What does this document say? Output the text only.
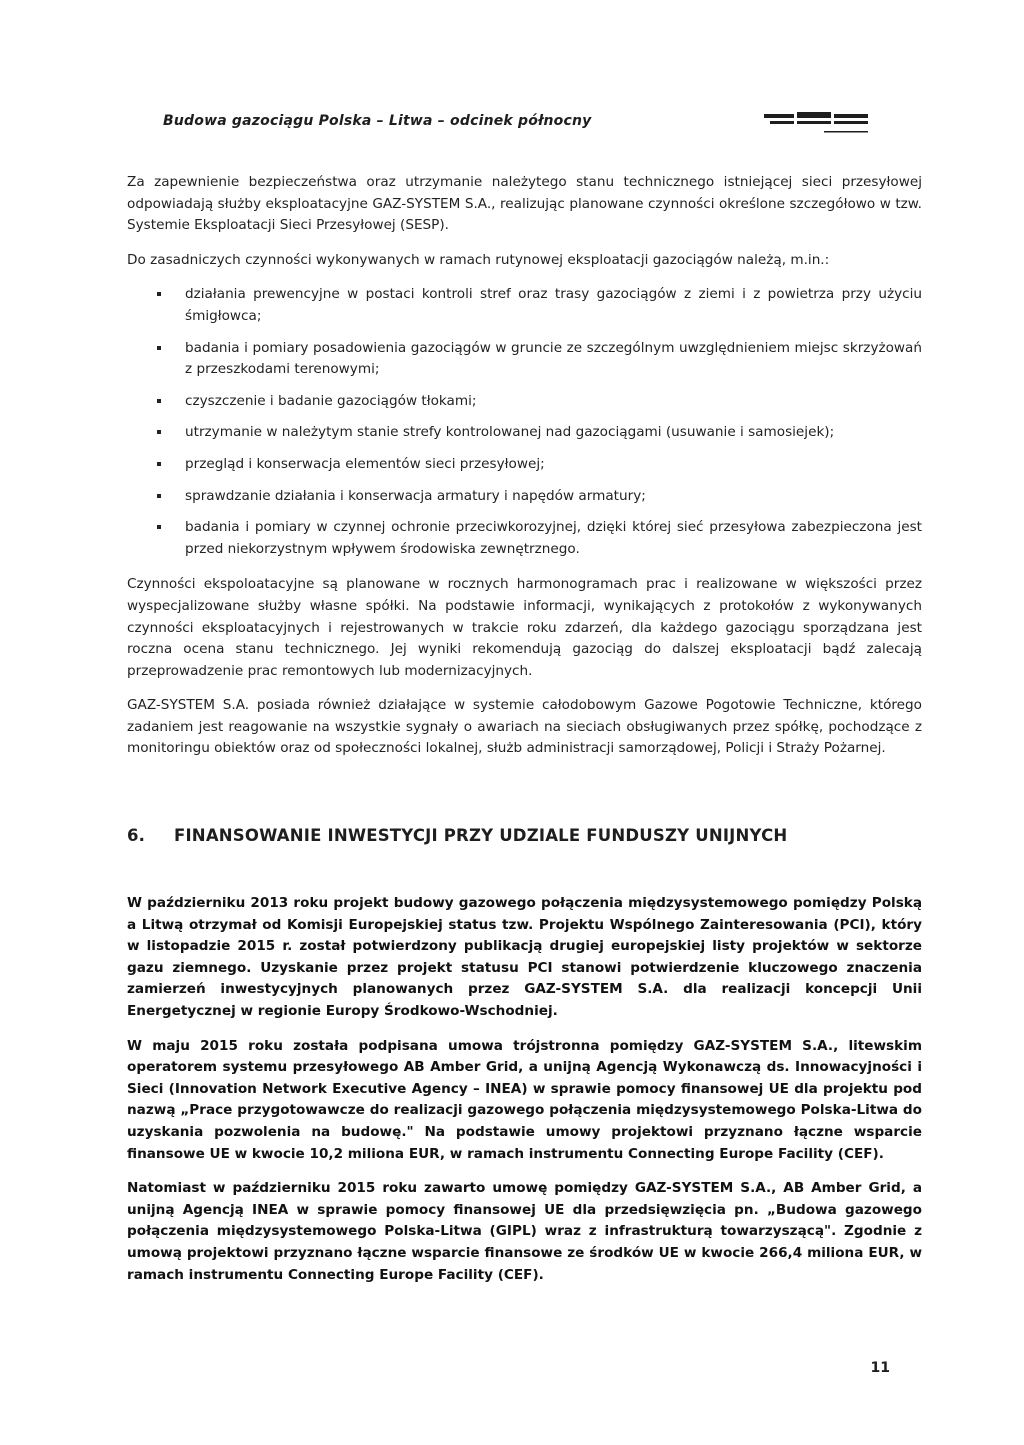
Budowa gazociągu Polska – Litwa – odcinek północny

Za zapewnienie bezpieczeństwa oraz utrzymanie należytego stanu technicznego istniejącej sieci przesyłowej odpowiadają służby eksploatacyjne GAZ-SYSTEM S.A., realizując planowane czynności określone szczegółowo w tzw. Systemie Eksploatacji Sieci Przesyłowej (SESP).

Do zasadniczych czynności wykonywanych w ramach rutynowej eksploatacji gazociągów należą, m.in.:

działania prewencyjne w postaci kontroli stref oraz trasy gazociągów z ziemi i z powietrza przy użyciu śmigłowca;
badania i pomiary posadowienia gazociągów w gruncie ze szczególnym uwzględnieniem miejsc skrzyżowań z przeszkodami terenowymi;
czyszczenie i badanie gazociągów tłokami;
utrzymanie w należytym stanie strefy kontrolowanej nad gazociągami (usuwanie i samosiejek);
przegląd i konserwacja elementów sieci przesyłowej;
sprawdzanie działania i konserwacja armatury i napędów armatury;
badania i pomiary w czynnej ochronie przeciwkorozyjnej, dzięki której sieć przesyłowa zabezpieczona jest przed niekorzystnym wpływem środowiska zewnętrznego.

Czynności ekspoloatacyjne są planowane w rocznych harmonogramach prac i realizowane w większości przez wyspecjalizowane służby własne spółki. Na podstawie informacji, wynikających z protokołów z wykonywanych czynności eksploatacyjnych i rejestrowanych w trakcie roku zdarzeń, dla każdego gazociągu sporządzana jest roczna ocena stanu technicznego. Jej wyniki rekomendują gazociąg do dalszej eksploatacji bądź zalecają przeprowadzenie prac remontowych lub modernizacyjnych.

GAZ-SYSTEM S.A. posiada również działające w systemie całodobowym Gazowe Pogotowie Techniczne, którego zadaniem jest reagowanie na wszystkie sygnały o awariach na sieciach obsługiwanych przez spółkę, pochodzące z monitoringu obiektów oraz od społeczności lokalnej, służb administracji samorządowej, Policji i Straży Pożarnej.

6. FINANSOWANIE INWESTYCJI PRZY UDZIALE FUNDUSZY UNIJNYCH

W październiku 2013 roku projekt budowy gazowego połączenia międzysystemowego pomiędzy Polską a Litwą otrzymał od Komisji Europejskiej status tzw. Projektu Wspólnego Zainteresowania (PCI), który w listopadzie 2015 r. został potwierdzony publikacją drugiej europejskiej listy projektów w sektorze gazu ziemnego. Uzyskanie przez projekt statusu PCI stanowi potwierdzenie kluczowego znaczenia zamierzeń inwestycyjnych planowanych przez GAZ-SYSTEM S.A. dla realizacji koncepcji Unii Energetycznej w regionie Europy Środkowo-Wschodniej.

W maju 2015 roku została podpisana umowa trójstronna pomiędzy GAZ-SYSTEM S.A., litewskim operatorem systemu przesyłowego AB Amber Grid, a unijną Agencją Wykonawczą ds. Innowacyjności i Sieci (Innovation Network Executive Agency – INEA) w sprawie pomocy finansowej UE dla projektu pod nazwą „Prace przygotowawcze do realizacji gazowego połączenia międzysystemowego Polska-Litwa do uzyskania pozwolenia na budowę." Na podstawie umowy projektowi przyznano łączne wsparcie finansowe UE w kwocie 10,2 miliona EUR, w ramach instrumentu Connecting Europe Facility (CEF).

Natomiast w październiku 2015 roku zawarto umowę pomiędzy GAZ-SYSTEM S.A., AB Amber Grid, a unijną Agencją INEA w sprawie pomocy finansowej UE dla przedsięwzięcia pn. „Budowa gazowego połączenia międzysystemowego Polska-Litwa (GIPL) wraz z infrastrukturą towarzyszącą". Zgodnie z umową projektowi przyznano łączne wsparcie finansowe ze środków UE w kwocie 266,4 miliona EUR, w ramach instrumentu Connecting Europe Facility (CEF).

11
